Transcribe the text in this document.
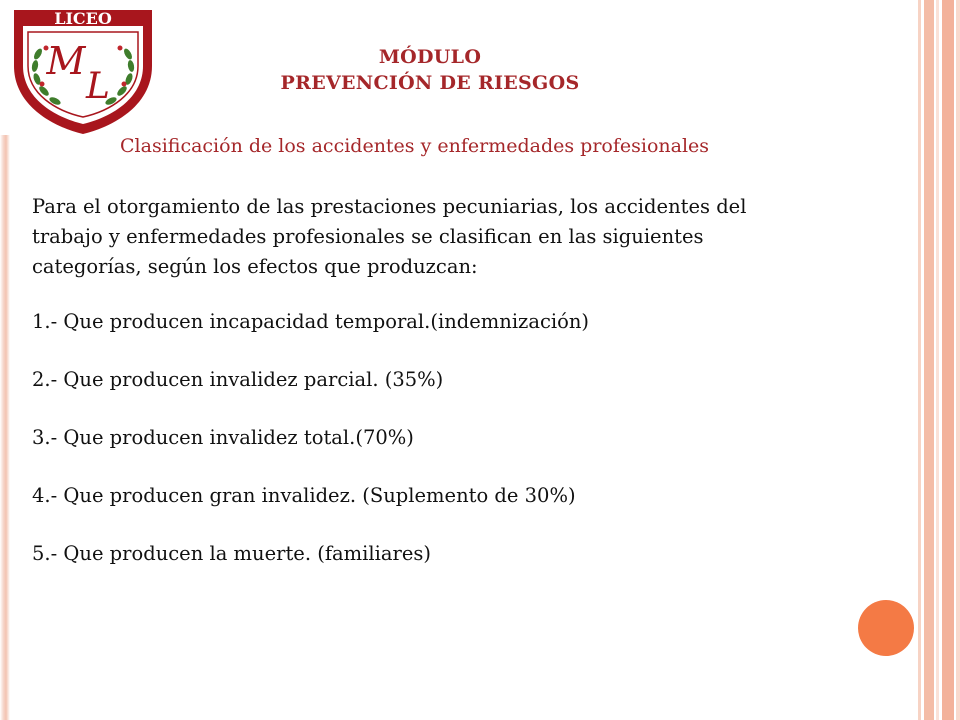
LICEO
M
L
MÓDULO
PREVENCIÓN DE RIESGOS
Clasificación de los accidentes y enfermedades profesionales
Para el otorgamiento de las prestaciones pecuniarias, los accidentes del
trabajo y enfermedades profesionales se clasifican en las siguientes
categorías, según los efectos que produzcan:
1.- Que producen incapacidad temporal.(indemnización)
2.- Que producen invalidez parcial. (35%)
3.- Que producen invalidez total.(70%)
4.- Que producen gran invalidez. (Suplemento de 30%)
5.- Que producen la muerte. (familiares)
